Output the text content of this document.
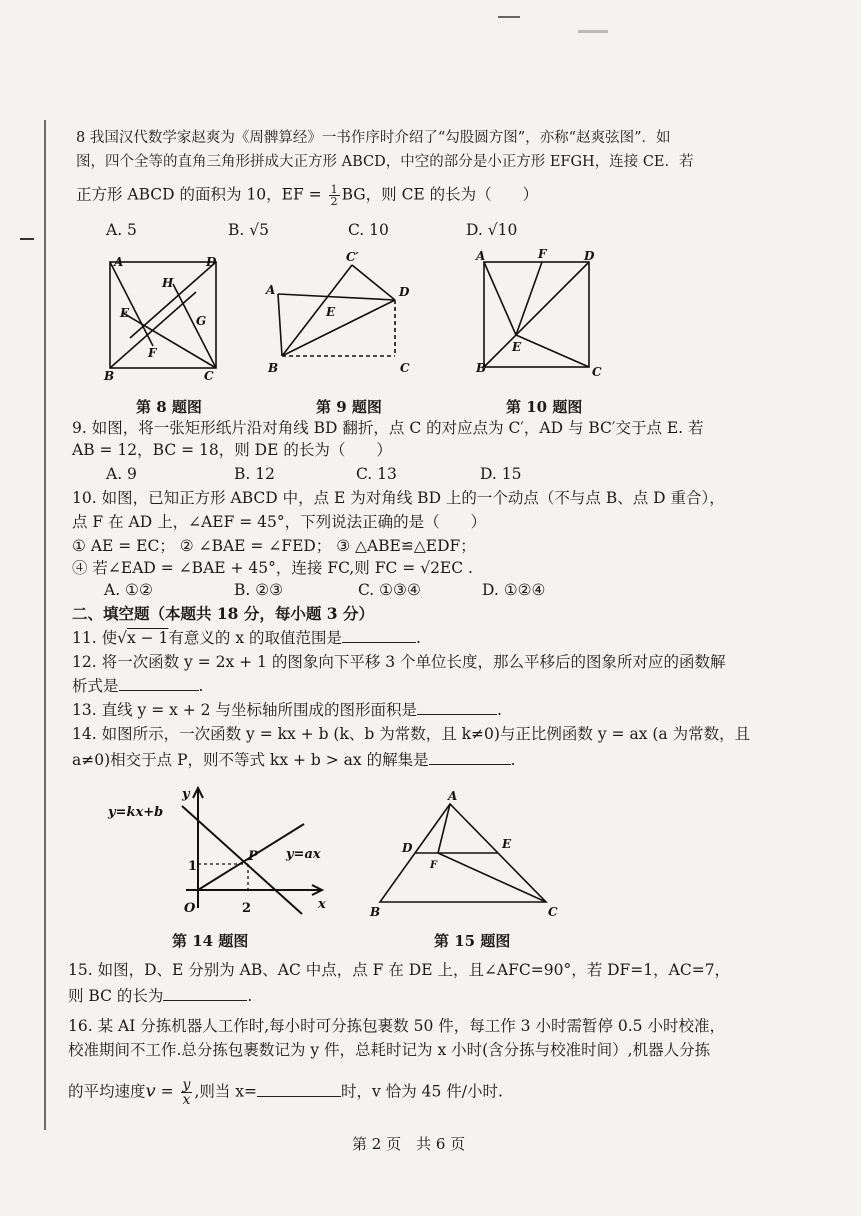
8 我国汉代数学家赵爽为《周髀算经》一书作序时介绍了“勾股圆方图”，亦称“赵爽弦图”．如
图，四个全等的直角三角形拼成大正方形 ABCD，中空的部分是小正方形 EFGH，连接 CE．若
正方形 ABCD 的面积为 10，EF = $\frac{1}{2}$ BG，则 CE 的长为（　　）
A. 5	B. √5	C. 10	D. √10
A	D
B	C
H
E
G
F
A
C′
D
E
B	C
A	F	D
E
B	C
第 8 题图	第 9 题图	第 10 题图
9. 如图，将一张矩形纸片沿对角线 BD 翻折，点 C 的对应点为 C′，AD 与 BC′交于点 E. 若
AB = 12，BC = 18，则 DE 的长为（　　）
A. 9	B. 12	C. 13	D. 15
10. 如图，已知正方形 ABCD 中，点 E 为对角线 BD 上的一个动点（不与点 B、点 D 重合），
点 F 在 AD 上，∠AEF = 45°，下列说法正确的是（　　）
① AE = EC； ② ∠BAE = ∠FED； ③ △ABE≌△EDF；
④ 若∠EAD = ∠BAE + 45°，连接 FC,则 FC = √2EC .
A. ①②	B. ②③	C. ①③④	D. ①②④
二、填空题（本题共 18 分，每小题 3 分）
11. 使√x − 1有意义的 x 的取值范围是	.
12. 将一次函数 y = 2x + 1 的图象向下平移 3 个单位长度，那么平移后的图象所对应的函数解
析式是	.
13. 直线 y = x + 2 与坐标轴所围成的图形面积是	.
14. 如图所示，一次函数 y = kx + b (k、b 为常数，且 k≠0)与正比例函数 y = ax (a 为常数，且
a≠0)相交于点 P，则不等式 kx + b > ax 的解集是	.
y=kx+b
y
y=ax
P
1
O	2	x
A
D	E
F
B	C
第 14 题图	第 15 题图
15. 如图，D、E 分别为 AB、AC 中点，点 F 在 DE 上，且∠AFC=90°，若 DF=1，AC=7，
则 BC 的长为	.
16. 某 AI 分拣机器人工作时,每小时可分拣包裹数 50 件，每工作 3 小时需暂停 0.5 小时校准，
校准期间不工作.总分拣包裹数记为 y 件，总耗时记为 x 小时(含分拣与校准时间）,机器人分拣
的平均速度$v = \frac{y}{x}$ ,则当 x=	时，v 恰为 45 件/小时.
第 2 页　共 6 页
